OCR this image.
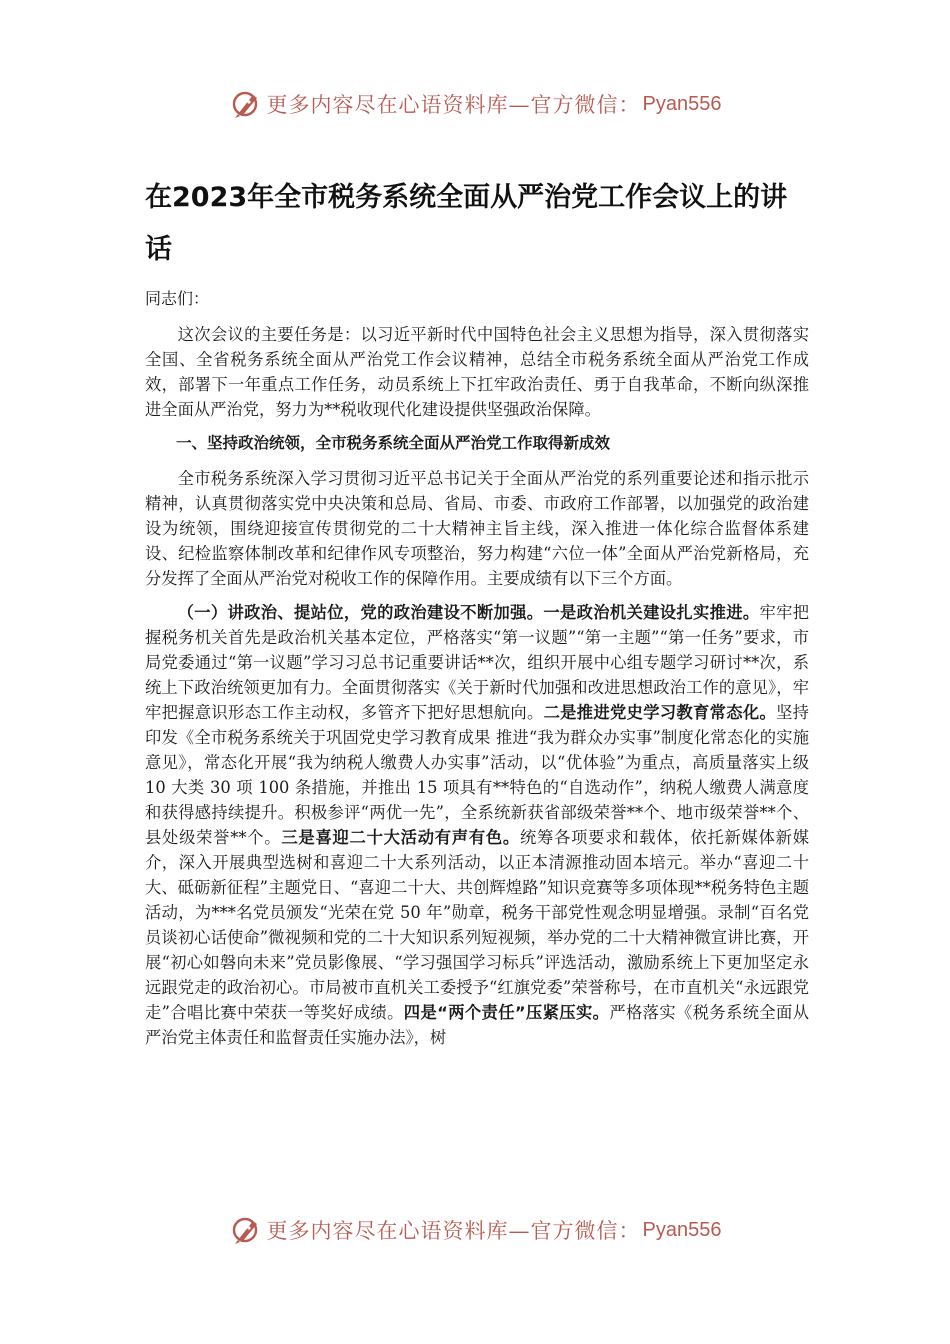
更多内容尽在心语资料库—官方微信： Pyan556
在2023年全市税务系统全面从严治党工作会议上的讲话

同志们：

这次会议的主要任务是：以习近平新时代中国特色社会主义思想为指导，深入贯彻落实全国、全省税务系统全面从严治党工作会议精神，总结全市税务系统全面从严治党工作成效，部署下一年重点工作任务，动员系统上下扛牢政治责任、勇于自我革命，不断向纵深推进全面从严治党，努力为**税收现代化建设提供坚强政治保障。

一、坚持政治统领，全市税务系统全面从严治党工作取得新成效

全市税务系统深入学习贯彻习近平总书记关于全面从严治党的系列重要论述和指示批示精神，认真贯彻落实党中央决策和总局、省局、市委、市政府工作部署，以加强党的政治建设为统领，围绕迎接宣传贯彻党的二十大精神主旨主线，深入推进一体化综合监督体系建设、纪检监察体制改革和纪律作风专项整治，努力构建“六位一体”全面从严治党新格局，充分发挥了全面从严治党对税收工作的保障作用。主要成绩有以下三个方面。

（一）讲政治、提站位，党的政治建设不断加强。一是政治机关建设扎实推进。牢牢把握税务机关首先是政治机关基本定位，严格落实“第一议题”“第一主题”“第一任务”要求，市局党委通过“第一议题”学习习总书记重要讲话**次，组织开展中心组专题学习研讨**次，系统上下政治统领更加有力。全面贯彻落实《关于新时代加强和改进思想政治工作的意见》，牢牢把握意识形态工作主动权，多管齐下把好思想航向。二是推进党史学习教育常态化。坚持印发《全市税务系统关于巩固党史学习教育成果 推进“我为群众办实事”制度化常态化的实施意见》，常态化开展“我为纳税人缴费人办实事”活动，以“优体验”为重点，高质量落实上级 10 大类 30 项 100 条措施，并推出 15 项具有**特色的“自选动作”，纳税人缴费人满意度和获得感持续提升。积极参评“两优一先”，全系统新获省部级荣誉**个、地市级荣誉**个、县处级荣誉**个。三是喜迎二十大活动有声有色。统筹各项要求和载体，依托新媒体新媒介，深入开展典型选树和喜迎二十大系列活动，以正本清源推动固本培元。举办“喜迎二十大、砥砺新征程”主题党日、“喜迎二十大、共创辉煌路”知识竞赛等多项体现**税务特色主题活动，为***名党员颁发“光荣在党 50 年”勋章，税务干部党性观念明显增强。录制“百名党员谈初心话使命”微视频和党的二十大知识系列短视频，举办党的二十大精神微宣讲比赛，开展“初心如磐向未来”党员影像展、“学习强国学习标兵”评选活动，激励系统上下更加坚定永远跟党走的政治初心。市局被市直机关工委授予“红旗党委”荣誉称号，在市直机关“永远跟党走”合唱比赛中荣获一等奖好成绩。四是“两个责任”压紧压实。严格落实《税务系统全面从严治党主体责任和监督责任实施办法》，树

更多内容尽在心语资料库—官方微信： Pyan556
